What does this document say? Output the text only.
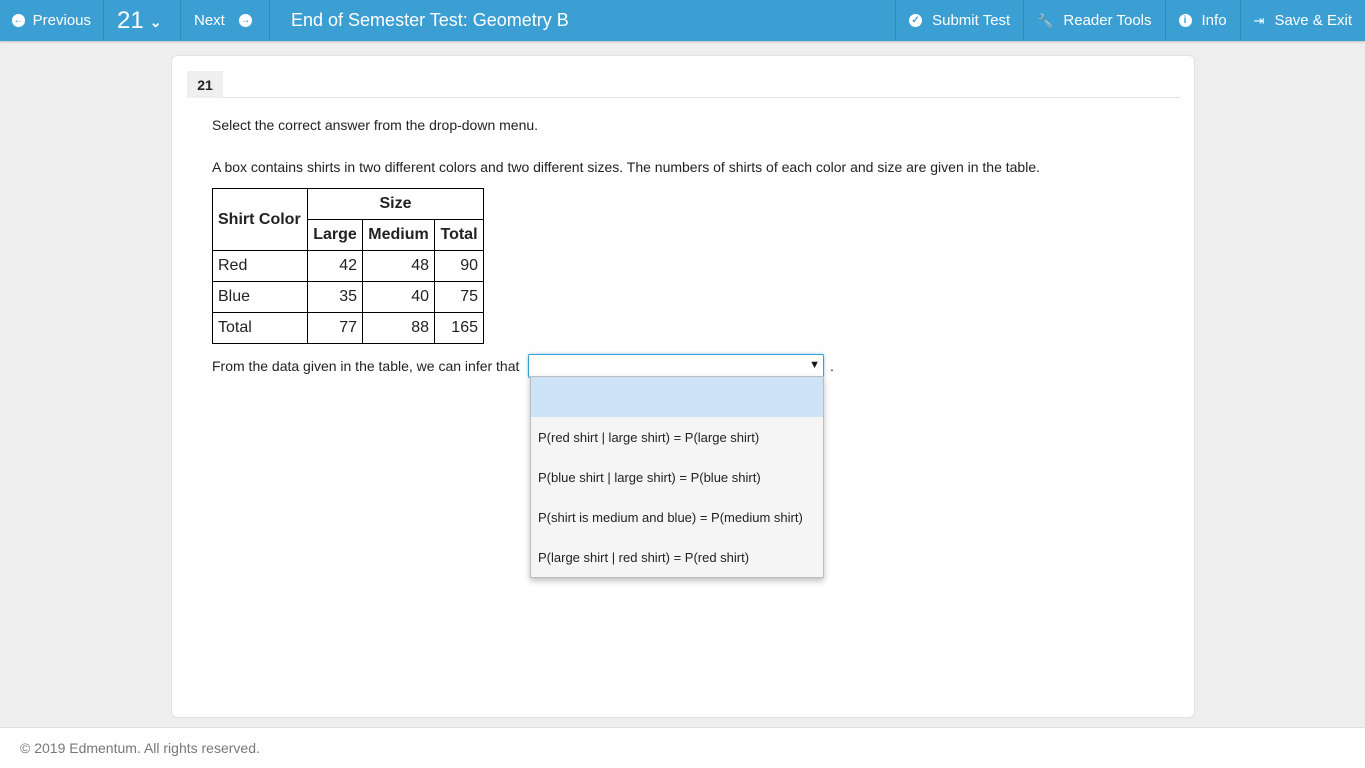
← Previous 21 ⌄ Next →	End of Semester Test: Geometry B	✓ Submit Test 🔧 Reader Tools	i	Info ⇥ Save & Exit
21
Select the correct answer from the drop-down menu.
A box contains shirts in two different colors and two different sizes. The numbers of shirts of each color and size are given in the table.
Shirt Color	Size		
	Large	Medium	Total
Red	42	48	90
Blue	35	40	75
Total	77	88	165
From the data given in the table, we can infer that	▼ .
P(red shirt | large shirt) = P(large shirt)
P(blue shirt | large shirt) = P(blue shirt)
P(shirt is medium and blue) = P(medium shirt)
P(large shirt | red shirt) = P(red shirt)
© 2019 Edmentum. All rights reserved.
